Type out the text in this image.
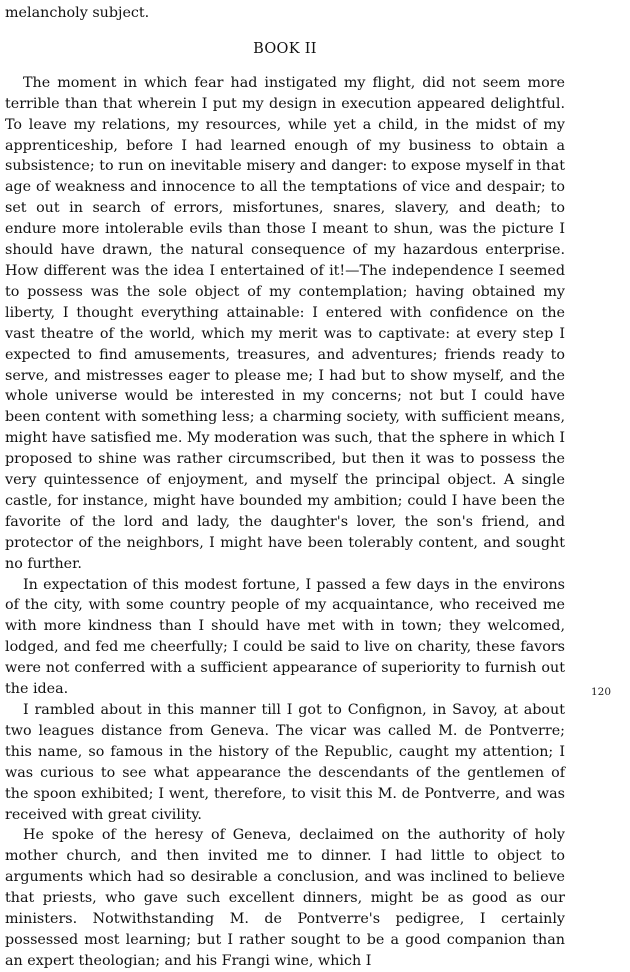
melancholy subject.

BOOK II

The moment in which fear had instigated my flight, did not seem more terrible than that wherein I put my design in execution appeared delightful. To leave my relations, my resources, while yet a child, in the midst of my apprenticeship, before I had learned enough of my business to obtain a subsistence; to run on inevitable misery and danger: to expose myself in that age of weakness and innocence to all the temptations of vice and despair; to set out in search of errors, misfortunes, snares, slavery, and death; to endure more intolerable evils than those I meant to shun, was the picture I should have drawn, the natural consequence of my hazardous enterprise. How different was the idea I entertained of it!—The independence I seemed to possess was the sole object of my contemplation; having obtained my liberty, I thought everything attainable: I entered with confidence on the vast theatre of the world, which my merit was to captivate: at every step I expected to find amusements, treasures, and adventures; friends ready to serve, and mistresses eager to please me; I had but to show myself, and the whole universe would be interested in my concerns; not but I could have been content with something less; a charming society, with sufficient means, might have satisfied me. My moderation was such, that the sphere in which I proposed to shine was rather circumscribed, but then it was to possess the very quintessence of enjoyment, and myself the principal object. A single castle, for instance, might have bounded my ambition; could I have been the favorite of the lord and lady, the daughter's lover, the son's friend, and protector of the neighbors, I might have been tolerably content, and sought no further.

In expectation of this modest fortune, I passed a few days in the environs of the city, with some country people of my acquaintance, who received me with more kindness than I should have met with in town; they welcomed, lodged, and fed me cheerfully; I could be said to live on charity, these favors were not conferred with a sufficient appearance of superiority to furnish out the idea.

I rambled about in this manner till I got to Confignon, in Savoy, at about two leagues distance from Geneva. The vicar was called M. de Pontverre; this name, so famous in the history of the Republic, caught my attention; I was curious to see what appearance the descendants of the gentlemen of the spoon exhibited; I went, therefore, to visit this M. de Pontverre, and was received with great civility.

He spoke of the heresy of Geneva, declaimed on the authority of holy mother church, and then invited me to dinner. I had little to object to arguments which had so desirable a conclusion, and was inclined to believe that priests, who gave such excellent dinners, might be as good as our ministers. Notwithstanding M. de Pontverre's pedigree, I certainly possessed most learning; but I rather sought to be a good companion than an expert theologian; and his Frangi wine, which I

120
